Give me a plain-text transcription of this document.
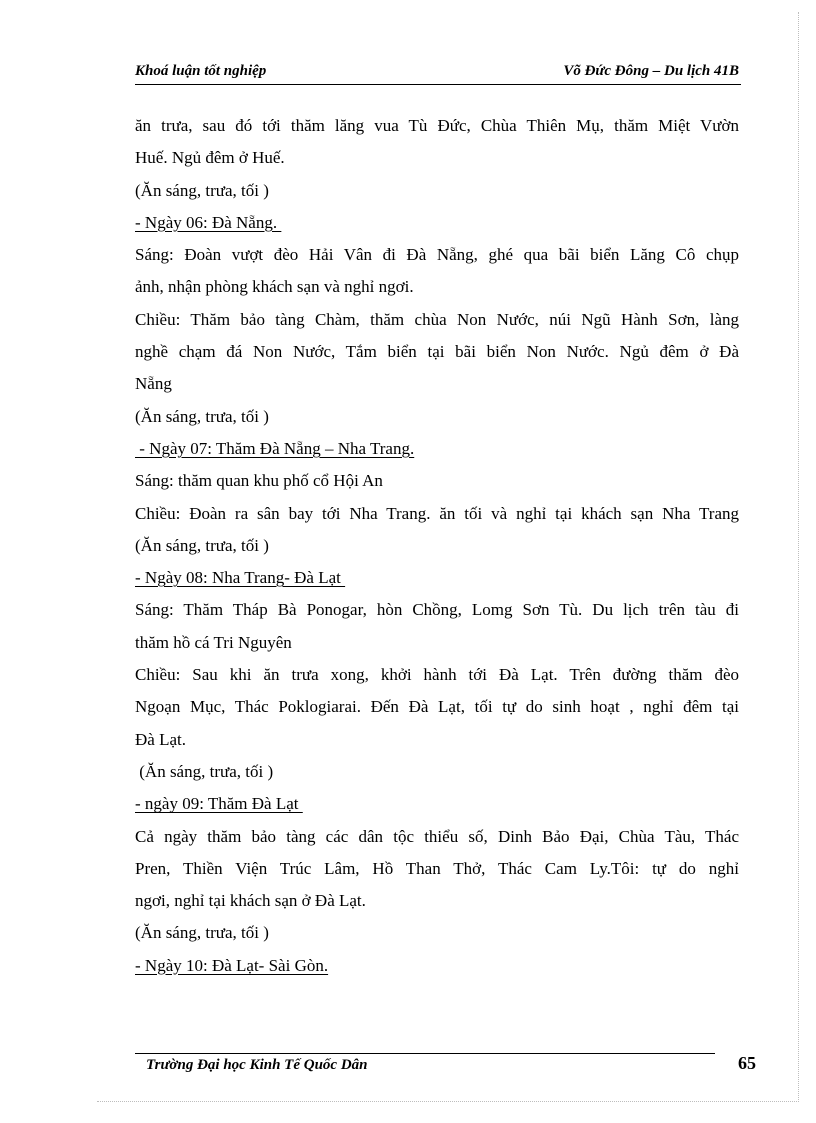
Khoá luận tốt nghiệp	Võ Đức Đông – Du lịch 41B
ăn trưa, sau đó tới thăm lăng vua Tù Đức, Chùa Thiên Mụ, thăm Miệt Vườn
Huế. Ngủ đêm ở Huế.
(Ăn sáng, trưa, tối )
- Ngày 06: Đà Nẵng.
Sáng: Đoàn vượt đèo Hải Vân đi Đà Nẵng, ghé qua bãi biển Lăng Cô chụp
ảnh, nhận phòng khách sạn và nghỉ ngơi.
Chiều: Thăm bảo tàng Chàm, thăm chùa Non Nước, núi Ngũ Hành Sơn, làng
nghề chạm đá Non Nước, Tắm biển tại bãi biển Non Nước. Ngủ đêm ở Đà
Nẵng
(Ăn sáng, trưa, tối )
- Ngày 07: Thăm Đà Nẵng – Nha Trang.
Sáng: thăm quan khu phố cổ Hội An
Chiều: Đoàn ra sân bay tới Nha Trang. ăn tối và nghỉ tại khách sạn Nha Trang
(Ăn sáng, trưa, tối )
- Ngày 08: Nha Trang- Đà Lạt
Sáng: Thăm Tháp Bà Ponogar, hòn Chồng, Lomg Sơn Tù. Du lịch trên tàu đi
thăm hồ cá Tri Nguyên
Chiều: Sau khi ăn trưa xong, khởi hành tới Đà Lạt. Trên đường thăm đèo
Ngoạn Mục, Thác Poklogiarai. Đến Đà Lạt, tối tự do sinh hoạt , nghỉ đêm tại
Đà Lạt.
(Ăn sáng, trưa, tối )
- ngày 09: Thăm Đà Lạt
Cả ngày thăm bảo tàng các dân tộc thiểu số, Dinh Bảo Đại, Chùa Tàu, Thác
Pren, Thiền Viện Trúc Lâm, Hồ Than Thở, Thác Cam Ly.Tôi: tự do nghỉ
ngơi, nghỉ tại khách sạn ở Đà Lạt.
(Ăn sáng, trưa, tối )
- Ngày 10: Đà Lạt- Sài Gòn.
Trường Đại học Kinh Tế Quốc Dân	65
